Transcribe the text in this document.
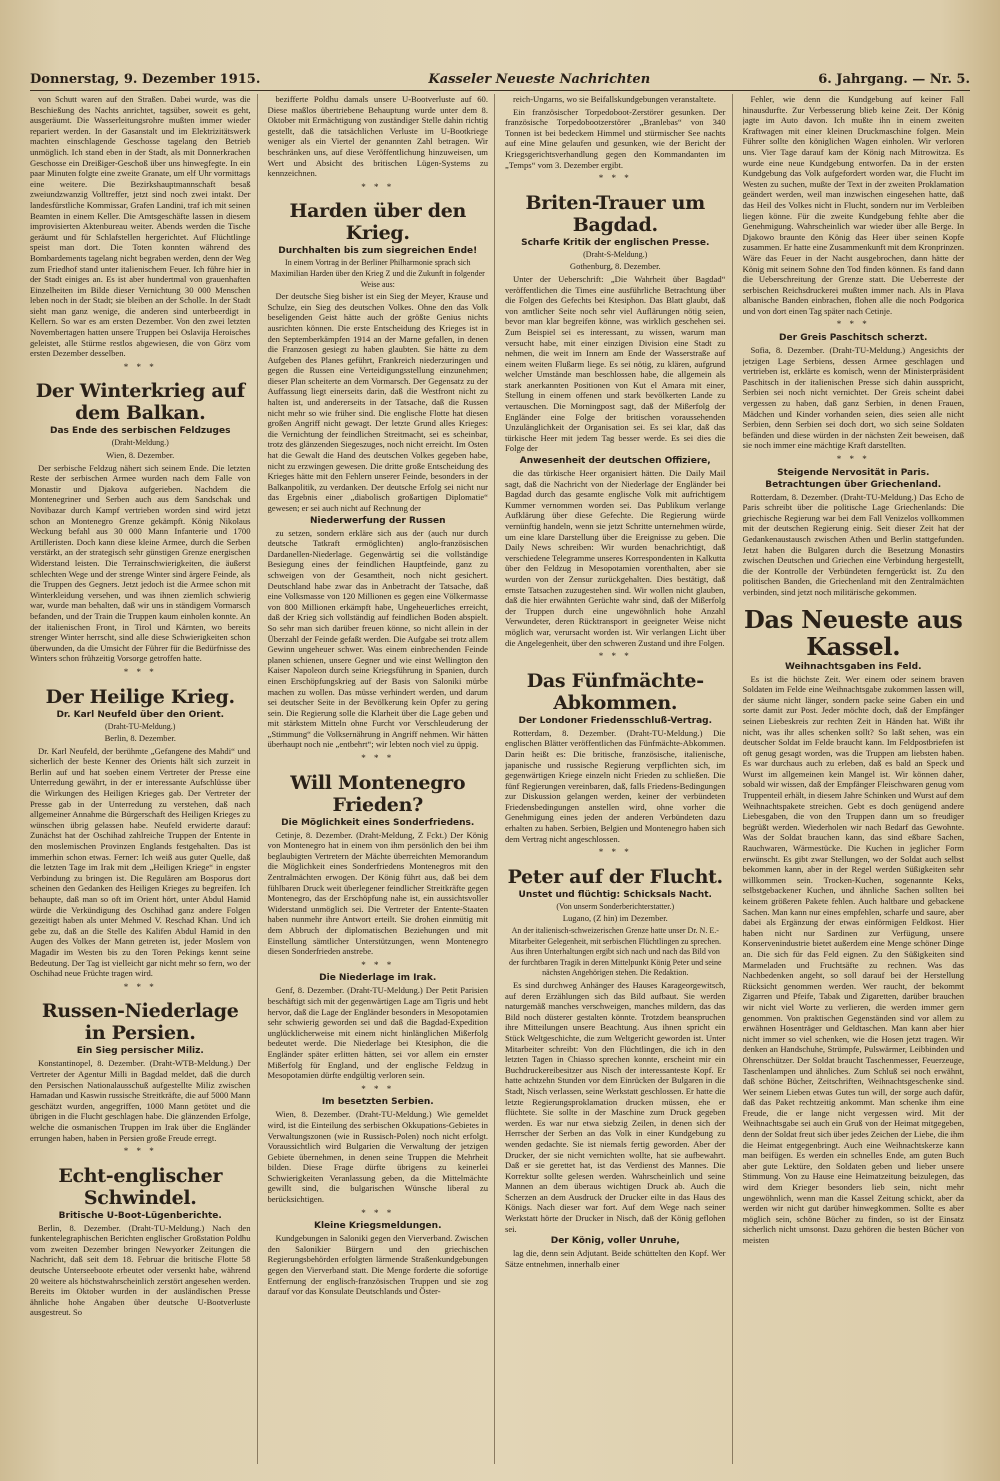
Donnerstag, 9. Dezember 1915.	Kasseler Neueste Nachrichten	6. Jahrgang. — Nr. 5.

von Schutt waren auf den Straßen. Dabei wurde, was die Beschießung des Nachts anrichtet, tagsüber, soweit es geht, ausgeräumt. Die Wasserleitungsrohre mußten immer wieder repariert werden. In der Gasanstalt und im Elektrizitätswerk machten einschlagende Geschosse tagelang den Betrieb unmöglich. Ich stand eben in der Stadt, als mit Donnerkrachen Geschosse ein Dreißiger-Geschoß über uns hinwegfegte. In ein paar Minuten folgte eine zweite Granate, um elf Uhr vormittags eine weitere. Die Bezirkshauptmannschaft besaß zweiundzwanzig Volltreffer, jetzt sind noch zwei intakt. Der landesfürstliche Kommissar, Grafen Landini, traf ich mit seinen Beamten in einem Keller. Die Amtsgeschäfte lassen in diesem improvisierten Aktenbureau weiter. Abends werden die Tische geräumt und für Schlafstellen hergerichtet. Auf Flüchtlinge speist man dort. Die Toten konnten während des Bombardements tagelang nicht begraben werden, denn der Weg zum Friedhof stand unter italienischem Feuer. Ich führe hier in der Stadt einiges an. Es ist aber hundertmal von grauenhaften Einzelheiten im Bilde dieser Vernichtung 30 000 Menschen leben noch in der Stadt; sie bleiben an der Scholle. In der Stadt sieht man ganz wenige, die anderen sind unterbeerdigt in Kellern. So war es am ersten Dezember. Von den zwei letzten Novembertagen hatten unsere Truppen bei Oslavija Heroisches geleistet, alle Stürme restlos abgewiesen, die von Görz vom ersten Dezember desselben.

* * *
Der Winterkrieg auf dem Balkan.
Das Ende des serbischen Feldzuges
(Draht-Meldung.)
Wien, 8. Dezember.

Der serbische Feldzug nähert sich seinem Ende. Die letzten Reste der serbischen Armee wurden nach dem Falle von Monastir und Djakova aufgerieben. Nachdem die Montenegriner und Serben auch aus dem Sandschak und Novibazar durch Kampf vertrieben worden sind wird jetzt schon an Montenegro Grenze gekämpft. König Nikolaus Weckung befahl aus 30 000 Mann Infanterie und 1700 Artilleristen. Doch kann diese kleine Armee, durch die Serben verstärkt, an der strategisch sehr günstigen Grenze energischen Widerstand leisten. Die Terrainschwierigkeiten, die äußerst schlechten Wege und der strenge Winter sind ärgere Feinde, als die Truppen des Gegners. Jetzt jedoch ist die Armee schon mit Winterkleidung versehen, und was ihnen ziemlich schwierig war, wurde man behalten, daß wir uns in ständigem Vormarsch befanden, und der Train die Truppen kaum einholen konnte. An der italienischen Front, in Tirol und Kärnten, wo bereits strenger Winter herrscht, sind alle diese Schwierigkeiten schon überwunden, da die Umsicht der Führer für die Bedürfnisse des Winters schon frühzeitig Vorsorge getroffen hatte.

* * *
Der Heilige Krieg.
Dr. Karl Neufeld über den Orient.
(Draht-TU-Meldung.)
Berlin, 8. Dezember.

Dr. Karl Neufeld, der berühmte „Gefangene des Mahdi“ und sicherlich der beste Kenner des Orients hält sich zurzeit in Berlin auf und hat soeben einem Vertreter der Presse eine Unterredung gewährt, in der er interessante Aufschlüsse über die Wirkungen des Heiligen Krieges gab. Der Vertreter der Presse gab in der Unterredung zu verstehen, daß nach allgemeiner Annahme die Bürgerschaft des Heiligen Krieges zu wünschen übrig gelassen habe. Neufeld erwiderte darauf: Zunächst hat der Oschihad zahlreiche Truppen der Entente in den moslemischen Provinzen Englands festgehalten. Das ist immerhin schon etwas. Ferner: Ich weiß aus guter Quelle, daß die letzten Tage im Irak mit dem „Heiligen Kriege“ in engster Verbindung zu bringen ist. Die Regulären am Bosporus dort scheinen den Gedanken des Heiligen Krieges zu begreifen. Ich behaupte, daß man so oft im Orient hört, unter Abdul Hamid würde die Verkündigung des Oschihad ganz andere Folgen gezeitigt haben als unter Mehmed V. Reschad Khan. Und ich gebe zu, daß an die Stelle des Kalifen Abdul Hamid in den Augen des Volkes der Mann getreten ist, jeder Moslem von Magadir im Westen bis zu den Toren Pekings kennt seine Bedeutung. Der Tag ist vielleicht gar nicht mehr so fern, wo der Oschihad neue Früchte tragen wird.

* * *
Russen-Niederlage in Persien.
Ein Sieg persischer Miliz.

Konstantinopel, 8. Dezember. (Draht-WTB-Meldung.) Der Vertreter der Agentur Milli in Bagdad meldet, daß die durch den Persischen Nationalausschuß aufgestellte Miliz zwischen Hamadan und Kaswin russische Streitkräfte, die auf 5000 Mann geschätzt wurden, angegriffen, 1000 Mann getötet und die übrigen in die Flucht geschlagen habe. Die glänzenden Erfolge, welche die osmanischen Truppen im Irak über die Engländer errungen haben, haben in Persien große Freude erregt.

* * *
Echt-englischer Schwindel.
Britische U-Boot-Lügenberichte.

Berlin, 8. Dezember. (Draht-TU-Meldung.) Nach den funkentelegraphischen Berichten englischer Großstation Poldhu vom zweiten Dezember bringen Newyorker Zeitungen die Nachricht, daß seit dem 18. Februar die britische Flotte 58 deutsche Unterseeboote erbeutet oder versenkt habe, während 20 weitere als höchstwahrscheinlich zerstört angesehen werden. Bereits im Oktober wurden in der ausländischen Presse ähnliche hohe Angaben über deutsche U-Bootverluste ausgestreut. So

bezifferte Poldhu damals unsere U-Bootverluste auf 60. Diese maßlos übertriebene Behauptung wurde unter dem 8. Oktober mit Ermächtigung von zuständiger Stelle dahin richtig gestellt, daß die tatsächlichen Verluste im U-Bootkriege weniger als ein Viertel der genannten Zahl betragen. Wir beschränken uns, auf diese Veröffentlichung hinzuweisen, um Wert und Absicht des britischen Lügen-Systems zu kennzeichnen.

* * *
Harden über den Krieg.
Durchhalten bis zum siegreichen Ende!
In einem Vortrag in der Berliner Philharmonie sprach sich Maximilian Harden über den Krieg Z und die Zukunft in folgender Weise aus:

Der deutsche Sieg bisher ist ein Sieg der Meyer, Krause und Schulze, ein Sieg des deutschen Volkes. Ohne den das Volk beseligenden Geist hätte auch der größte Genius nichts ausrichten können. Die erste Entscheidung des Krieges ist in den Septemberkämpfen 1914 an der Marne gefallen, in denen die Franzosen gesiegt zu haben glaubten. Sie hätte zu dem Aufgeben des Planes geführt, Frankreich niederzuringen und gegen die Russen eine Verteidigungsstellung einzunehmen; dieser Plan scheiterte an dem Vormarsch. Der Gegensatz zu der Auffassung liegt einerseits darin, daß die Westfront nicht zu halten ist, und andererseits in der Tatsache, daß die Russen nicht mehr so wie früher sind. Die englische Flotte hat diesen großen Angriff nicht gewagt. Der letzte Grund alles Krieges: die Vernichtung der feindlichen Streitmacht, sei es scheinbar, trotz des glänzenden Siegeszuges, noch nicht erreicht. Im Osten hat die Gewalt die Hand des deutschen Volkes gegeben habe, nicht zu erzwingen gewesen. Die dritte große Entscheidung des Krieges hätte mit den Fehlern unserer Feinde, besonders in der Balkanpolitik, zu verdanken. Der deutsche Erfolg sei nicht nur das Ergebnis einer „diabolisch großartigen Diplomatie“ gewesen; er sei auch nicht auf Rechnung der

Niederwerfung der Russen

zu setzen, sondern erkläre sich aus der (auch nur durch deutsche Tatkraft ermöglichten) anglo-französischen Dardanellen-Niederlage. Gegenwärtig sei die vollständige Besiegung eines der feindlichen Hauptfeinde, ganz zu schweigen von der Gesamtheit, noch nicht gesichert. Deutschland habe zwar das in Anbetracht der Tatsache, daß eine Volksmasse von 120 Millionen es gegen eine Völkermasse von 800 Millionen erkämpft habe, Ungeheuerliches erreicht, daß der Krieg sich vollständig auf feindlichen Boden abspielt. So sehr man sich darüber freuen könne, so nicht allein in der Überzahl der Feinde gefaßt werden. Die Aufgabe sei trotz allem Gewinn ungeheuer schwer. Was einem einbrechenden Feinde planen schienen, unsere Gegner und wie einst Wellington den Kaiser Napoleon durch seine Kriegsführung in Spanien, durch einen Erschöpfungskrieg auf der Basis von Saloniki mürbe machen zu wollen. Das müsse verhindert werden, und darum sei deutscher Seite in der Bevölkerung kein Opfer zu gering sein. Die Regierung solle die Klarheit über die Lage geben und mit stärkstem Mitteln ohne Furcht vor Verschleuderung der „Stimmung“ die Volksernährung in Angriff nehmen. Wir hätten überhaupt noch nie „entbehrt“; wir lebten noch viel zu üppig.

* * *
Will Montenegro Frieden?
Die Möglichkeit eines Sonderfriedens.

Cetinje, 8. Dezember. (Draht-Meldung, Z Fckt.) Der König von Montenegro hat in einem von ihm persönlich den bei ihm beglaubigten Vertretern der Mächte überreichten Memorandum die Möglichkeit eines Sonderfriedens Montenegros mit den Zentralmächten erwogen. Der König führt aus, daß bei dem fühlbaren Druck weit überlegener feindlicher Streitkräfte gegen Montenegro, das der Erschöpfung nahe ist, ein aussichtsvoller Widerstand unmöglich sei. Die Vertreter der Entente-Staaten haben nunmehr ihre Antwort erteilt. Sie drohen einmütig mit dem Abbruch der diplomatischen Beziehungen und mit Einstellung sämtlicher Unterstützungen, wenn Montenegro diesen Sonderfrieden anstrebe.

* * *
Die Niederlage im Irak.

Genf, 8. Dezember. (Draht-TU-Meldung.) Der Petit Parisien beschäftigt sich mit der gegenwärtigen Lage am Tigris und hebt hervor, daß die Lage der Engländer besonders in Mesopotamien sehr schwierig geworden sei und daß die Bagdad-Expedition unglücklicherweise mit einem nicht hinlänglichen Mißerfolg bedeutet werde. Die Niederlage bei Ktesiphon, die die Engländer später erlitten hätten, sei vor allem ein ernster Mißerfolg für England, und der englische Feldzug in Mesopotamien dürfte endgültig verloren sein.

* * *
Im besetzten Serbien.

Wien, 8. Dezember. (Draht-TU-Meldung.) Wie gemeldet wird, ist die Einteilung des serbischen Okkupations-Gebietes in Verwaltungszonen (wie in Russisch-Polen) noch nicht erfolgt. Voraussichtlich wird Bulgarien die Verwaltung der jetzigen Gebiete übernehmen, in denen seine Truppen die Mehrheit bilden. Diese Frage dürfte übrigens zu keinerlei Schwierigkeiten Veranlassung geben, da die Mittelmächte gewillt sind, die bulgarischen Wünsche liberal zu berücksichtigen.

* * *
Kleine Kriegsmeldungen.

Kundgebungen in Saloniki gegen den Vierverband. Zwischen den Salonikier Bürgern und den griechischen Regierungsbehörden erfolgten lärmende Straßenkundgebungen gegen den Vierverband statt. Die Menge forderte die sofortige Entfernung der englisch-französischen Truppen und sie zog darauf vor das Konsulate Deutschlands und Öster-

reich-Ungarns, wo sie Beifallskundgebungen veranstaltete.

Ein französischer Torpedoboot-Zerstörer gesunken. Der französische Torpedobootzerstörer „Branlebas“ von 340 Tonnen ist bei bedeckem Himmel und stürmischer See nachts auf eine Mine gelaufen und gesunken, wie der Bericht der Kriegsgerichtsverhandlung gegen den Kommandanten im „Temps“ vom 3. Dezember ergibt.

* * *
Briten-Trauer um Bagdad.
Scharfe Kritik der englischen Presse.
(Draht-S-Meldung.)
Gothenburg, 8. Dezember.

Unter der Ueberschrift: „Die Wahrheit über Bagdad“ veröffentlichen die Times eine ausführliche Betrachtung über die Folgen des Gefechts bei Ktesiphon. Das Blatt glaubt, daß von amtlicher Seite noch sehr viel Auflärungen nötig seien, bevor man klar begreifen könne, was wirklich geschehen sei. Zum Beispiel sei es interessant, zu wissen, warum man versucht habe, mit einer einzigen Division eine Stadt zu nehmen, die weit im Innern am Ende der Wasserstraße auf einem weiten Flußarm liege. Es sei nötig, zu klären, aufgrund welcher Umstände man beschlossen habe, die allgemein als stark anerkannten Positionen von Kut el Amara mit einer, Stellung in einem offenen und stark bevölkerten Lande zu vertauschen. Die Morningpost sagt, daß der Mißerfolg der Engländer eine Folge der britischen voraussehenden Unzulänglichkeit der Organisation sei. Es sei klar, daß das türkische Heer mit jedem Tag besser werde. Es sei dies die Folge der

Anwesenheit der deutschen Offiziere,

die das türkische Heer organisiert hätten. Die Daily Mail sagt, daß die Nachricht von der Niederlage der Engländer bei Bagdad durch das gesamte englische Volk mit aufrichtigem Kummer vernommen worden sei. Das Publikum verlange Aufklärung über diese Gefechte. Die Regierung würde vernünftig handeln, wenn sie jetzt Schritte unternehmen würde, um eine klare Darstellung über die Ereignisse zu geben. Die Daily News schreiben: Wir wurden benachrichtigt, daß verschiedene Telegramme unseres Korrespondenten in Kalkutta über den Feldzug in Mesopotamien vorenthalten, aber sie wurden von der Zensur zurückgehalten. Dies bestätigt, daß ernste Tatsachen zuzugestehen sind. Wir wollen nicht glauben, daß die hier erwähnten Gerüchte wahr sind, daß der Mißerfolg der Truppen durch eine ungewöhnlich hohe Anzahl Verwundeter, deren Rücktransport in geeigneter Weise nicht möglich war, verursacht worden ist. Wir verlangen Licht über die Angelegenheit, über den schweren Zustand und ihre Folgen.

* * *
Das Fünfmächte-Abkommen.
Der Londoner Friedensschluß-Vertrag.

Rotterdam, 8. Dezember. (Draht-TU-Meldung.) Die englischen Blätter veröffentlichen das Fünfmächte-Abkommen. Darin heißt es: Die britische, französische, italienische, japanische und russische Regierung verpflichten sich, im gegenwärtigen Kriege einzeln nicht Frieden zu schließen. Die fünf Regierungen vereinbaren, daß, falls Friedens-Bedingungen zur Diskussion gelangen werden, keiner der verbündeten Friedensbedingungen anstellen wird, ohne vorher die Genehmigung eines jeden der anderen Verbündeten dazu erhalten zu haben. Serbien, Belgien und Montenegro haben sich dem Vertrag nicht angeschlossen.

* * *
Peter auf der Flucht.
Unstet und flüchtig: Schicksals Nacht.
(Von unserm Sonderberichterstatter.)
Lugano, (Z hin) im Dezember.
An der italienisch-schweizerischen Grenze hatte unser Dr. N. E.-Mitarbeiter Gelegenheit, mit serbischen Flüchtlingen zu sprechen. Aus ihren Unterhaltungen ergibt sich nach und nach das Bild von der furchtbaren Tragik in deren Mittelpunkt König Peter und seine nächsten Angehörigen stehen. Die Redaktion.

Es sind durchweg Anhänger des Hauses Karageorgewitsch, auf deren Erzählungen sich das Bild aufbaut. Sie werden naturgemäß manches verschweigen, manches mildern, das das Bild noch düsterer gestalten könnte. Trotzdem beanspruchen ihre Mitteilungen unsere Beachtung. Aus ihnen spricht ein Stück Weltgeschichte, die zum Weltgericht geworden ist. Unter Mitarbeiter schreibt: Von den Flüchtlingen, die ich in den letzten Tagen in Chiasso sprechen konnte, erscheint mir ein Buchdruckereibesitzer aus Nisch der interessanteste Kopf. Er hatte achtzehn Stunden vor dem Einrücken der Bulgaren in die Stadt, Nisch verlassen, seine Werkstatt geschlossen. Er hatte die letzte Regierungsproklamation drucken müssen, ehe er flüchtete. Sie sollte in der Maschine zum Druck gegeben werden. Es war nur etwa siebzig Zeilen, in denen sich der Herrscher der Serben an das Volk in einer Kundgebung zu wenden gedachte. Sie ist niemals fertig geworden. Aber der Drucker, der sie nicht vernichten wollte, hat sie aufbewahrt. Daß er sie gerettet hat, ist das Verdienst des Mannes. Die Korrektur sollte gelesen werden. Wahrscheinlich und seine Mannen an dem überaus wichtigen Druck ab. Auch die Scherzen an dem Ausdruck der Drucker eilte in das Haus des Königs. Nach dieser war fort. Auf dem Wege nach seiner Werkstatt hörte der Drucker in Nisch, daß der König geflohen sei.

Der König, voller Unruhe,

lag die, denn sein Adjutant. Beide schüttelten den Kopf. Wer Sätze entnehmen, innerhalb einer

Fehler, wie denn die Kundgebung auf keiner Fall hinausdurfte. Zur Verbesserung blieb keine Zeit. Der König jagte im Auto davon. Ich mußte ihn in einem zweiten Kraftwagen mit einer kleinen Druckmaschine folgen. Mein Führer sollte den königlichen Wagen einholen. Wir verloren uns. Vier Tage darauf kam der König nach Mitrowitza. Es wurde eine neue Kundgebung entworfen. Da in der ersten Kundgebung das Volk aufgefordert worden war, die Flucht im Westen zu suchen, mußte der Text in der zweiten Proklamation geändert werden, weil man inzwischen eingesehen hatte, daß das Heil des Volkes nicht in Flucht, sondern nur im Verbleiben liegen könne. Für die zweite Kundgebung fehlte aber die Genehmigung. Wahrscheinlich war wieder über alle Berge. In Djakowo braunte den König das Heer über seinen Kopfe zusammen. Er hatte eine Zusammenkunft mit dem Kronprinzen. Wäre das Feuer in der Nacht ausgebrochen, dann hätte der König mit seinem Sohne den Tod finden können. Es fand dann die Ueberschreitung der Grenze statt. Die Ueberreste der serbischen Reichsdruckerei mußten immer nach. Als in Plava albanische Banden einbrachen, flohen alle die noch Podgorica und von dort einen Tag später nach Cetinje.

* * *
Der Greis Paschitsch scherzt.

Sofia, 8. Dezember. (Draht-TU-Meldung.) Angesichts der jetzigen Lage Serbiens, dessen Armee geschlagen und vertrieben ist, erklärte es komisch, wenn der Ministerpräsident Paschitsch in der italienischen Presse sich dahin ausspricht, Serbien sei noch nicht vernichtet. Der Greis scheint dabei vergessen zu haben, daß ganz Serbien, in denen Frauen, Mädchen und Kinder vorhanden seien, dies seien alle nicht Serbien, denn Serbien sei doch dort, wo sich seine Soldaten befänden und diese würden in der nächsten Zeit beweisen, daß sie noch immer eine mächtige Kraft darstellten.

* * *
Steigende Nervosität in Paris.
Betrachtungen über Griechenland.

Rotterdam, 8. Dezember. (Draht-TU-Meldung.) Das Echo de Paris schreibt über die politische Lage Griechenlands: Die griechische Regierung war bei dem Fall Venizelos vollkommen mit der deutschen Regierung einig. Seit dieser Zeit hat der Gedankenaustausch zwischen Athen und Berlin stattgefunden. Jetzt haben die Bulgaren durch die Besetzung Monastirs zwischen Deutschen und Griechen eine Verbindung hergestellt, die der Kontrolle der Verbündeten ferngerückt ist. Zu den politischen Banden, die Griechenland mit den Zentralmächten verbinden, sind jetzt noch militärische gekommen.

Das Neueste aus Kassel.
Weihnachtsgaben ins Feld.

Es ist die höchste Zeit. Wer einem oder seinem braven Soldaten im Felde eine Weihnachtsgabe zukommen lassen will, der säume nicht länger, sondern packe seine Gaben ein und sorte damit zur Post. Jeder möchte doch, daß der Empfänger seinen Liebeskreis zur rechten Zeit in Händen hat. Wißt ihr nicht, was ihr alles schenken sollt? So laßt sehen, was ein deutscher Soldat im Felde braucht kann. Im Feldpostbriefen ist oft genug gesagt worden, was die Truppen am liebsten haben. Es war durchaus auch zu erleben, daß es bald an Speck und Wurst im allgemeinen kein Mangel ist. Wir können daher, sobald wir wissen, daß der Empfänger Fleischwaren genug vom Truppenteil erhält, in diesem Jahre Schinken und Wurst auf dem Weihnachtspakete streichen. Gebt es doch genügend andere Liebesgaben, die von den Truppen dann um so freudiger begrüßt werden. Wiederholen wir nach Bedarf das Gewohnte. Was der Soldat brauchen kann, das sind eßbare Sachen, Rauchwaren, Wärmestücke. Die Kuchen in jeglicher Form erwünscht. Es gibt zwar Stellungen, wo der Soldat auch selbst bekommen kann, aber in der Regel werden Süßigkeiten sehr willkommen sein. Trocken-Kuchen, sogenannte Keks, selbstgebackener Kuchen, und ähnliche Sachen sollten bei keinem größeren Pakete fehlen. Auch haltbare und gebackene Sachen. Man kann nur eines empfehlen, scharfe und saure, aber dabei als Ergänzung der etwas einförmigen Feldkost. Hier haben nicht nur Sardinen zur Verfügung, unsere Konservenindustrie bietet außerdem eine Menge schöner Dinge an. Die sich für das Feld eignen. Zu den Süßigkeiten sind Marmeladen und Fruchtsäfte zu rechnen. Was das Nachbedenken angeht, so soll darauf bei der Herstellung Rücksicht genommen werden. Wer raucht, der bekommt Zigarren und Pfeife, Tabak und Zigaretten, darüber brauchen wir nicht viel Worte zu verlieren, die werden immer gern genommen. Von praktischen Gegenständen sind vor allem zu erwähnen Hosenträger und Geldtaschen. Man kann aber hier nicht immer so viel schenken, wie die Hosen jetzt tragen. Wir denken an Handschuhe, Strümpfe, Pulswärmer, Leibbinden und Ohrenschützer. Der Soldat braucht Taschenmesser, Feuerzeuge, Taschenlampen und ähnliches. Zum Schluß sei noch erwähnt, daß schöne Bücher, Zeitschriften, Weihnachtsgeschenke sind. Wer seinem Lieben etwas Gutes tun will, der sorge auch dafür, daß das Paket rechtzeitig ankommt. Man schenke ihm eine Freude, die er lange nicht vergessen wird. Mit der Weihnachtsgabe sei auch ein Gruß von der Heimat mitgegeben, denn der Soldat freut sich über jedes Zeichen der Liebe, die ihm die Heimat entgegenbringt. Auch eine Weihnachtskerze kann man beifügen. Es werden ein schnelles Ende, am guten Buch aber gute Lektüre, den Soldaten geben und lieber unsere Stimmung. Von zu Hause eine Heimatzeitung beizulegen, das wird dem Krieger besonders lieb sein, nicht mehr ungewöhnlich, wenn man die Kassel Zeitung schickt, aber da werden wir nicht gut darüber hinwegkommen. Sollte es aber möglich sein, schöne Bücher zu finden, so ist der Einsatz sicherlich nicht umsonst. Dazu gehören die besten Bücher von meisten
